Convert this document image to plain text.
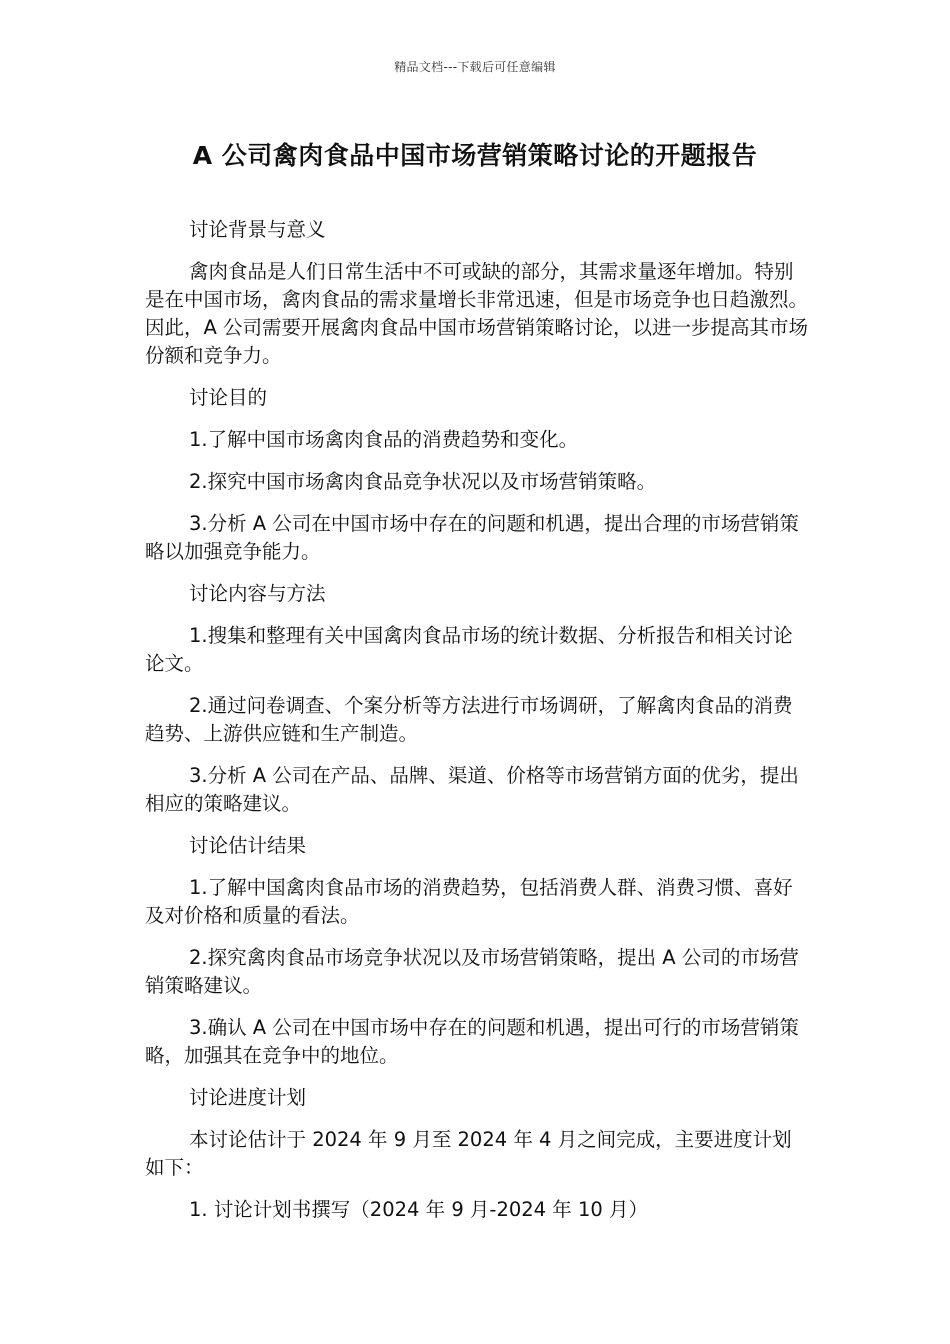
精品文档---下载后可任意编辑
A 公司禽肉食品中国市场营销策略讨论的开题报告

讨论背景与意义

禽肉食品是人们日常生活中不可或缺的部分，其需求量逐年增加。特别是在中国市场，禽肉食品的需求量增长非常迅速，但是市场竞争也日趋激烈。因此，A 公司需要开展禽肉食品中国市场营销策略讨论，以进一步提高其市场份额和竞争力。

讨论目的

1.了解中国市场禽肉食品的消费趋势和变化。

2.探究中国市场禽肉食品竞争状况以及市场营销策略。

3.分析 A 公司在中国市场中存在的问题和机遇，提出合理的市场营销策略以加强竞争能力。

讨论内容与方法

1.搜集和整理有关中国禽肉食品市场的统计数据、分析报告和相关讨论论文。

2.通过问卷调查、个案分析等方法进行市场调研，了解禽肉食品的消费趋势、上游供应链和生产制造。

3.分析 A 公司在产品、品牌、渠道、价格等市场营销方面的优劣，提出相应的策略建议。

讨论估计结果

1.了解中国禽肉食品市场的消费趋势，包括消费人群、消费习惯、喜好及对价格和质量的看法。

2.探究禽肉食品市场竞争状况以及市场营销策略，提出 A 公司的市场营销策略建议。

3.确认 A 公司在中国市场中存在的问题和机遇，提出可行的市场营销策略，加强其在竞争中的地位。

讨论进度计划

本讨论估计于 2024 年 9 月至 2024 年 4 月之间完成，主要进度计划如下：

1. 讨论计划书撰写（2024 年 9 月-2024 年 10 月）
